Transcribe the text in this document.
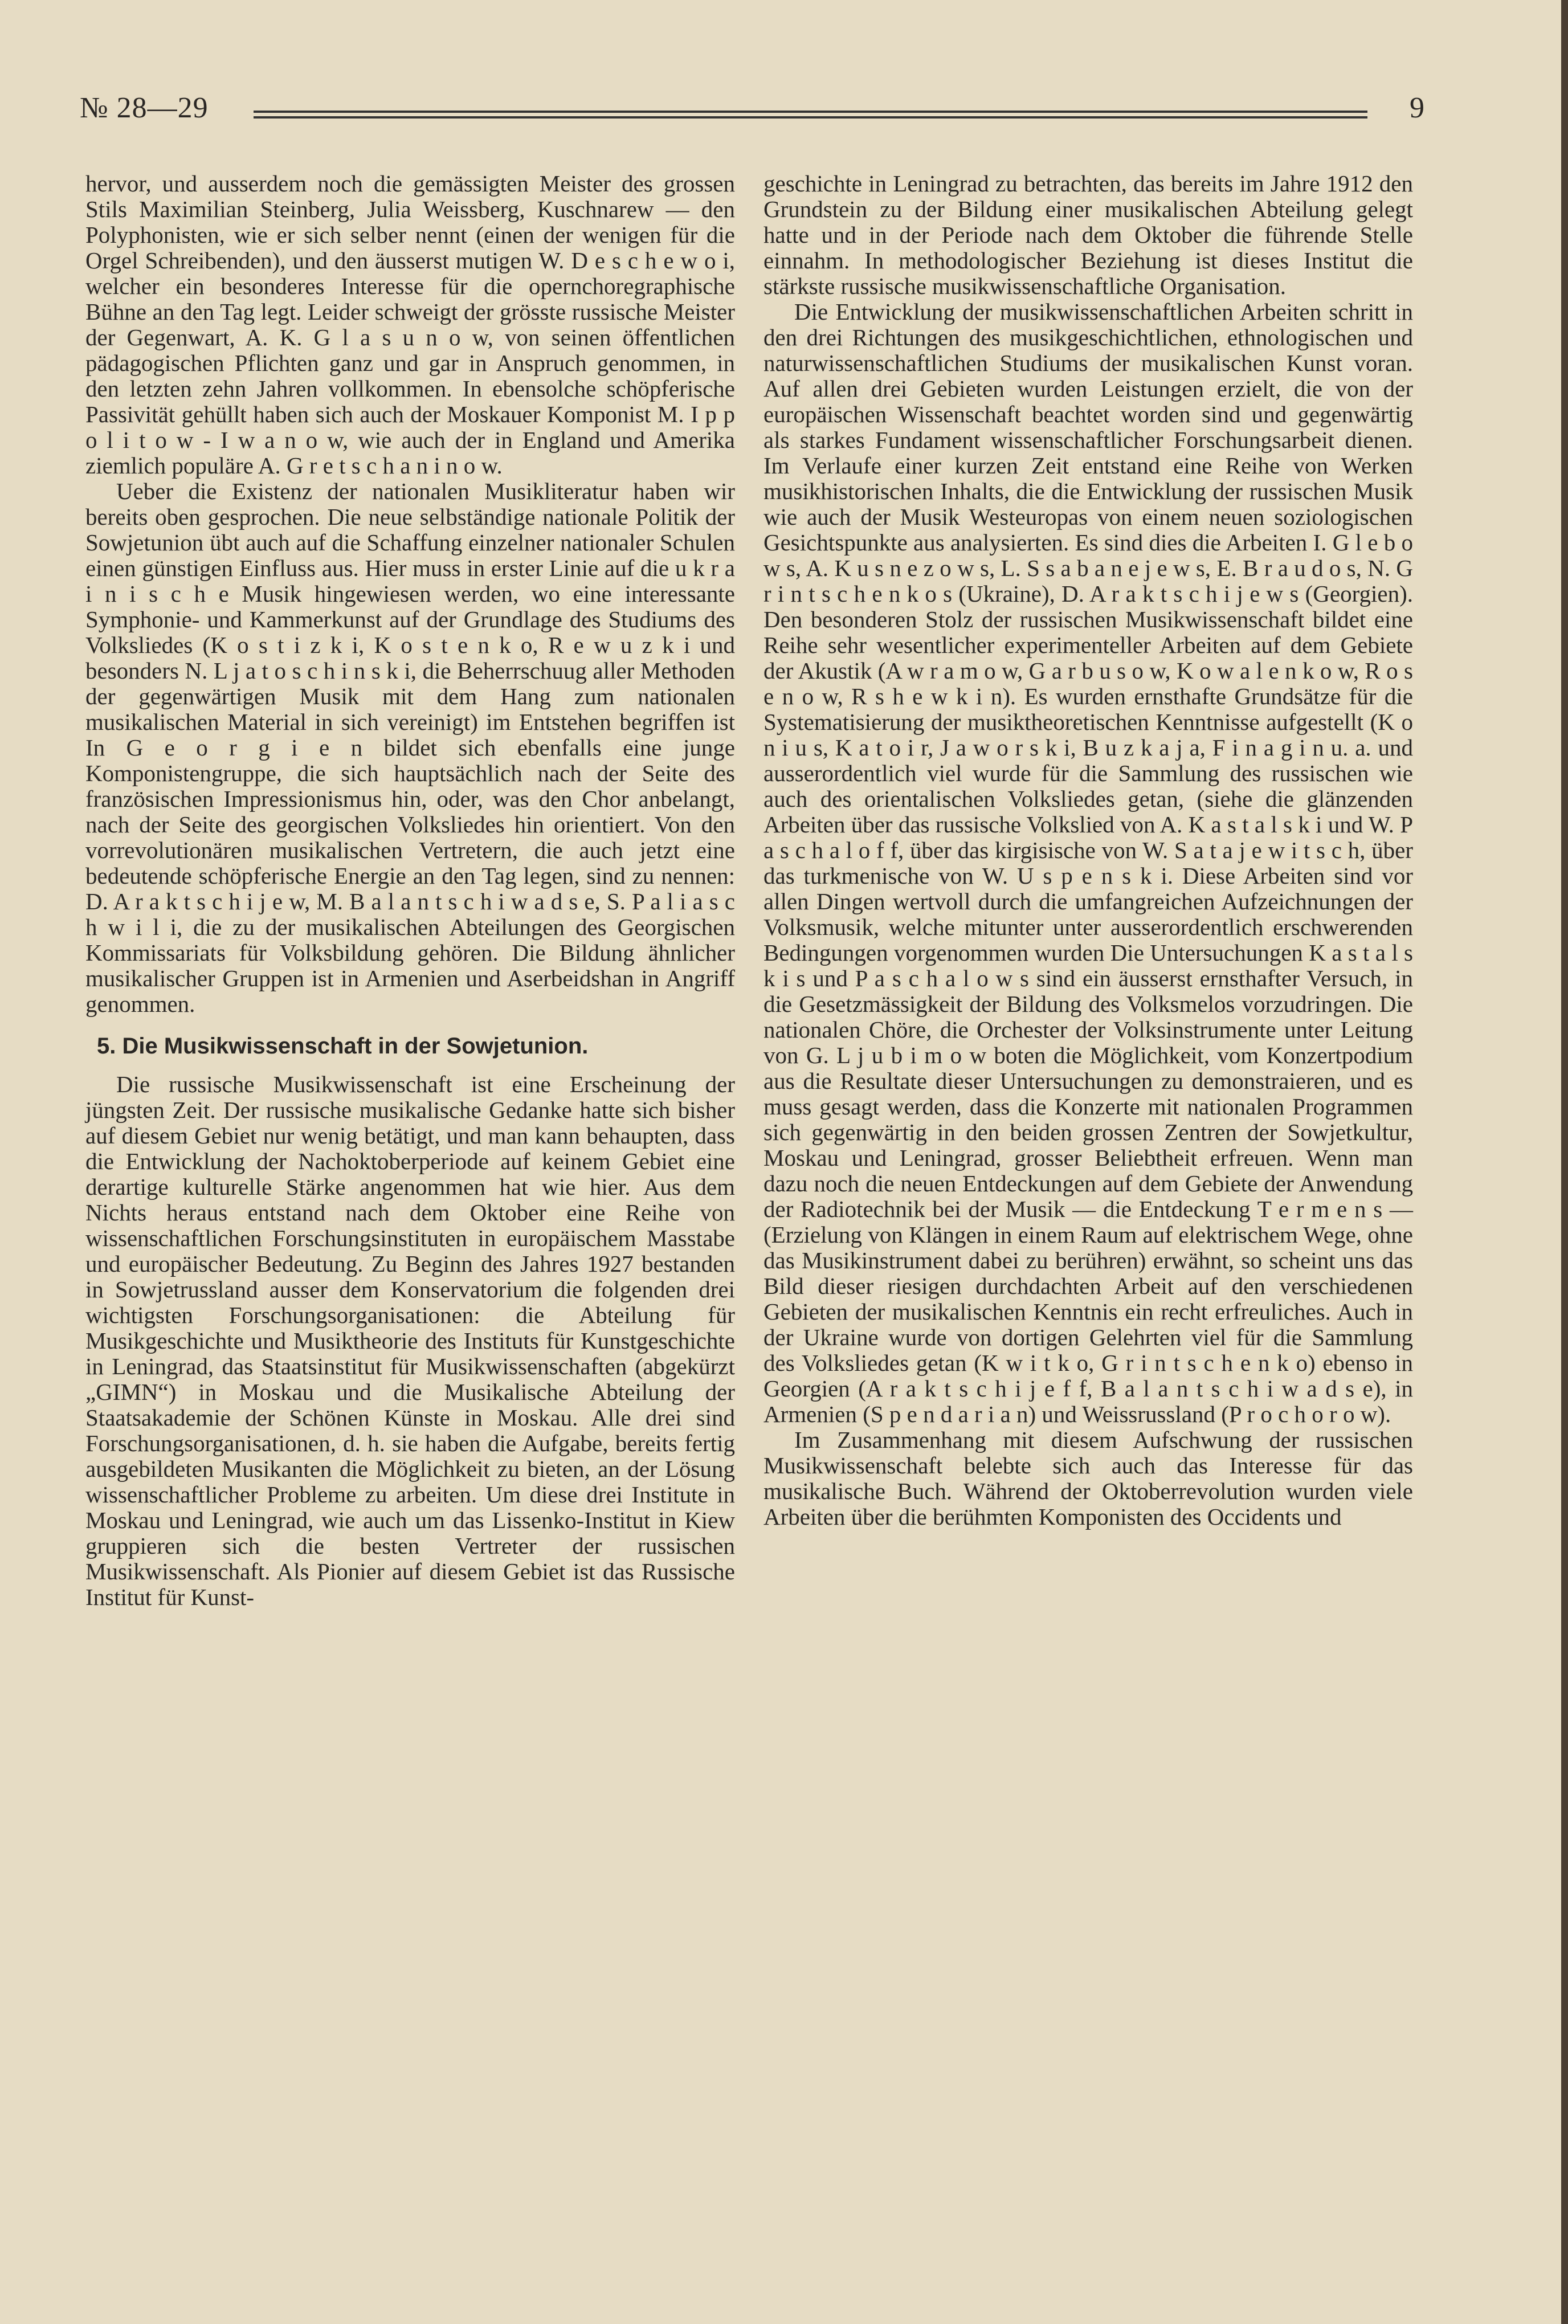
№ 28—29	9

hervor, und ausserdem noch die gemässigten Meister des grossen Stils Maximilian Steinberg, Julia Weissberg, Kuschnarew — den Polyphonisten, wie er sich selber nennt (einen der wenigen für die Orgel Schreibenden), und den äusserst mutigen W. D e s c h e w o i, welcher ein besonderes Interesse für die opernchoregraphische Bühne an den Tag legt. Leider schweigt der grösste russische Meister der Gegenwart, A. K. G l a s u n o w, von seinen öffentlichen pädagogischen Pflichten ganz und gar in Anspruch genommen, in den letzten zehn Jahren vollkommen. In ebensolche schöpferische Passivität gehüllt haben sich auch der Moskauer Komponist M. I p p o l i t o w - I w a n o w, wie auch der in England und Amerika ziemlich populäre A. G r e t s c h a n i n o w.

Ueber die Existenz der nationalen Musikliteratur haben wir bereits oben gesprochen. Die neue selbständige nationale Politik der Sowjetunion übt auch auf die Schaffung einzelner nationaler Schulen einen günstigen Einfluss aus. Hier muss in erster Linie auf die u k r a i n i s c h e Musik hingewiesen werden, wo eine interessante Symphonie- und Kammerkunst auf der Grundlage des Studiums des Volksliedes (K o s t i z k i, K o s t e n k o, R e w u z k i und besonders N. L j a t o s c h i n s k i, die Beherrschuug aller Methoden der gegenwärtigen Musik mit dem Hang zum nationalen musikalischen Material in sich vereinigt) im Entstehen begriffen ist In G e o r g i e n bildet sich ebenfalls eine junge Komponistengruppe, die sich hauptsächlich nach der Seite des französischen Impressionismus hin, oder, was den Chor anbelangt, nach der Seite des georgischen Volksliedes hin orientiert. Von den vorrevolutionären musikalischen Vertretern, die auch jetzt eine bedeutende schöpferische Energie an den Tag legen, sind zu nennen: D. A r a k t s c h i j e w, M. B a l a n t s c h i w a d s e, S. P a l i a s c h w i l i, die zu der musikalischen Abteilungen des Georgischen Kommissariats für Volksbildung gehören. Die Bildung ähnlicher musikalischer Gruppen ist in Armenien und Aserbeidshan in Angriff genommen.

5. Die Musikwissenschaft in der Sowjetunion.

Die russische Musikwissenschaft ist eine Erscheinung der jüngsten Zeit. Der russische musikalische Gedanke hatte sich bisher auf diesem Gebiet nur wenig betätigt, und man kann behaupten, dass die Entwicklung der Nachoktoberperiode auf keinem Gebiet eine derartige kulturelle Stärke angenommen hat wie hier. Aus dem Nichts heraus entstand nach dem Oktober eine Reihe von wissenschaftlichen Forschungsinstituten in europäischem Masstabe und europäischer Bedeutung. Zu Beginn des Jahres 1927 bestanden in Sowjetrussland ausser dem Konservatorium die folgenden drei wichtigsten Forschungsorganisationen: die Abteilung für Musikgeschichte und Musiktheorie des Instituts für Kunstgeschichte in Leningrad, das Staatsinstitut für Musikwissenschaften (abgekürzt „GIMN“) in Moskau und die Musikalische Abteilung der Staatsakademie der Schönen Künste in Moskau. Alle drei sind Forschungsorganisationen, d. h. sie haben die Aufgabe, bereits fertig ausgebildeten Musikanten die Möglichkeit zu bieten, an der Lösung wissenschaftlicher Probleme zu arbeiten. Um diese drei Institute in Moskau und Leningrad, wie auch um das Lissenko-Institut in Kiew gruppieren sich die besten Vertreter der russischen Musikwissenschaft. Als Pionier auf diesem Gebiet ist das Russische Institut für Kunst-

geschichte in Leningrad zu betrachten, das bereits im Jahre 1912 den Grundstein zu der Bildung einer musikalischen Abteilung gelegt hatte und in der Periode nach dem Oktober die führende Stelle einnahm. In methodologischer Beziehung ist dieses Institut die stärkste russische musikwissenschaftliche Organisation.

Die Entwicklung der musikwissenschaftlichen Arbeiten schritt in den drei Richtungen des musikgeschichtlichen, ethnologischen und naturwissenschaftlichen Studiums der musikalischen Kunst voran. Auf allen drei Gebieten wurden Leistungen erzielt, die von der europäischen Wissenschaft beachtet worden sind und gegenwärtig als starkes Fundament wissenschaftlicher Forschungsarbeit dienen. Im Verlaufe einer kurzen Zeit entstand eine Reihe von Werken musikhistorischen Inhalts, die die Entwicklung der russischen Musik wie auch der Musik Westeuropas von einem neuen soziologischen Gesichtspunkte aus analysierten. Es sind dies die Arbeiten I. G l e b o w s, A. K u s n e z o w s, L. S s a b a n e j e w s, E. B r a u d o s, N. G r i n t s c h e n k o s (Ukraine), D. A r a k t s c h i j e w s (Georgien). Den besonderen Stolz der russischen Musikwissenschaft bildet eine Reihe sehr wesentlicher experimenteller Arbeiten auf dem Gebiete der Akustik (A w r a m o w, G a r b u s o w, K o w a l e n k o w, R o s e n o w, R s h e w k i n). Es wurden ernsthafte Grundsätze für die Systematisierung der musiktheoretischen Kenntnisse aufgestellt (K o n i u s, K a t o i r, J a w o r s k i, B u z k a j a, F i n a g i n u. a. und ausserordentlich viel wurde für die Sammlung des russischen wie auch des orientalischen Volksliedes getan, (siehe die glänzenden Arbeiten über das russische Volkslied von A. K a s t a l s k i und W. P a s c h a l o f f, über das kirgisische von W. S a t a j e w i t s c h, über das turkmenische von W. U s p e n s k i. Diese Arbeiten sind vor allen Dingen wertvoll durch die umfangreichen Aufzeichnungen der Volksmusik, welche mitunter unter ausserordentlich erschwerenden Bedingungen vorgenommen wurden Die Untersuchungen K a s t a l s k i s und P a s c h a l o w s sind ein äusserst ernsthafter Versuch, in die Gesetzmässigkeit der Bildung des Volksmelos vorzudringen. Die nationalen Chöre, die Orchester der Volksinstrumente unter Leitung von G. L j u b i m o w boten die Möglichkeit, vom Konzertpodium aus die Resultate dieser Untersuchungen zu demonstraieren, und es muss gesagt werden, dass die Konzerte mit nationalen Programmen sich gegenwärtig in den beiden grossen Zentren der Sowjetkultur, Moskau und Leningrad, grosser Beliebtheit erfreuen. Wenn man dazu noch die neuen Entdeckungen auf dem Gebiete der Anwendung der Radiotechnik bei der Musik — die Entdeckung T e r m e n s — (Erzielung von Klängen in einem Raum auf elektrischem Wege, ohne das Musikinstrument dabei zu berühren) erwähnt, so scheint uns das Bild dieser riesigen durchdachten Arbeit auf den verschiedenen Gebieten der musikalischen Kenntnis ein recht erfreuliches. Auch in der Ukraine wurde von dortigen Gelehrten viel für die Sammlung des Volksliedes getan (K w i t k o, G r i n t s c h e n k o) ebenso in Georgien (A r a k t s c h i j e f f, B a l a n t s c h i w a d s e), in Armenien (S p e n d a r i a n) und Weissrussland (P r o c h o r o w).

Im Zusammenhang mit diesem Aufschwung der russischen Musikwissenschaft belebte sich auch das Interesse für das musikalische Buch. Während der Oktoberrevolution wurden viele Arbeiten über die berühmten Komponisten des Occidents und
